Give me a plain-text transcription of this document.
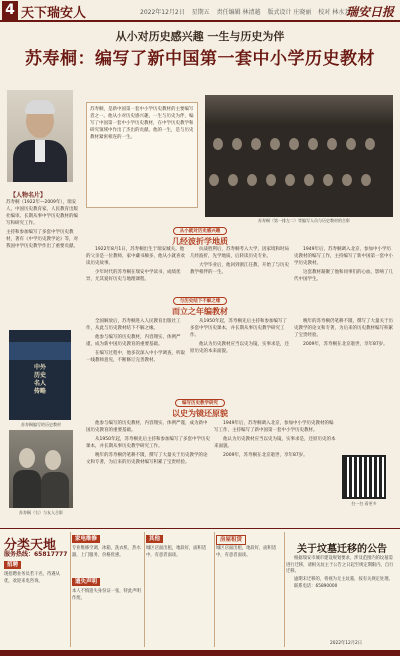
4 天下瑞安人	2022年12月2日 星期五 责任编辑 林清越 版式设计 庄晓丽 校对 林水芳
瑞安日报
从小对历史感兴趣 一生与历史为伴
苏寿桐：编写了新中国第一套中小学历史教材
【人物名片】

苏寿桐（1922年—2009年），瑞安人，中国历史教育家，人民教育出版社编审。长期从事中学历史教材的编写和研究工作。

主持和参加编写了多套中学历史教材，著有《中学历史教学论》等，对我国中学历史教学作出了重要贡献。

苏寿桐，是新中国第一套中小学历史教材的主要编写者之一。他从小对历史感兴趣，一生与历史为伴，编写了中国第一套中小学历史教材，在中学历史教学和研究领域中作出了杰出的贡献。他的一生，是与历史教材紧密相连的一生。
苏寿桐（第一排左二）等编写人员与历史教材的合影
从小就对历史感兴趣
几经波折学地质

1922年8月1日，苏寿桐出生于瑞安城关。他的父亲是一位教师，家中藏书颇多，他从小就喜欢读历史故事。

少年时代的苏寿桐在瑞安中学读书，成绩优异，尤其爱好历史与地理课程。

抗战胜利后，苏寿桐考入大学，因家境和时局几经波折，先学地质，后转读历史专业。

大学毕业后，他回到浙江任教，开始了与历史教学相伴的一生。

1949年后，苏寿桐调入北京，参加中小学历史教材的编写工作，主持编写了新中国第一套中小学历史教材。

这套教材凝聚了他和同事们的心血，影响了几代中国学生。

与历史结下不解之缘
而立之年编教材

全国解放后，苏寿桐进入人民教育出版社工作，从此与历史教材结下不解之缘。

他参与编写的历史教材，内容翔实、体例严谨，成为新中国历史教育的重要基础。

在编写过程中，他多次深入中小学调查，听取一线教师意见，不断修订完善教材。

从1950年起，苏寿桐先后主持和参加编写了多套中学历史课本，并长期从事历史教学研究工作。

他认为历史教材应当以史为镜，实事求是，还原历史的本来面貌。

晚年的苏寿桐仍笔耕不辍，撰写了大量关于历史教学的论文和专著，为后来的历史教材编写积累了宝贵经验。

2009年，苏寿桐在北京逝世，享年87岁。

编写历史教学研究
以史为镜还原貌

他参与编写的历史教材，内容翔实、体例严谨，成为新中国历史教育的重要基础。

从1950年起，苏寿桐先后主持和参加编写了多套中学历史课本，并长期从事历史教学研究工作。

晚年的苏寿桐仍笔耕不辍，撰写了大量关于历史教学的论文和专著，为后来的历史教材编写积累了宝贵经验。

1949年后，苏寿桐调入北京，参加中小学历史教材的编写工作，主持编写了新中国第一套中小学历史教材。

他认为历史教材应当以史为镜，实事求是，还原历史的本来面貌。

2009年，苏寿桐在北京逝世，享年87岁。

中外历史名人传略
苏寿桐编写的历史教材
苏寿桐（右）与友人合影
扫一扫 看更多
分类天地
服务热线：65817777
招聘
现招聘业务员若干名，待遇从优，欢迎来电咨询。
家电维修
专业维修空调、冰箱、洗衣机、热水器，上门服务，价格优惠。
遗失声明
本人不慎遗失身份证一张，特此声明作废。
其他
城区店面出租，地段好，面积适中，有意者面谈。
房屋租赁
城区店面出租，地段好，面积适中，有意者面谈。	关于坟墓迁移的公告

根据瑞安市城市建设规划要求，涉及范围内的坟墓需进行迁移，请相关坟主于公告之日起至规定期限内，自行迁移。

逾期未迁移的，将视为无主坟墓，按有关规定处理。

联系电话：65890000

2022年12月2日
